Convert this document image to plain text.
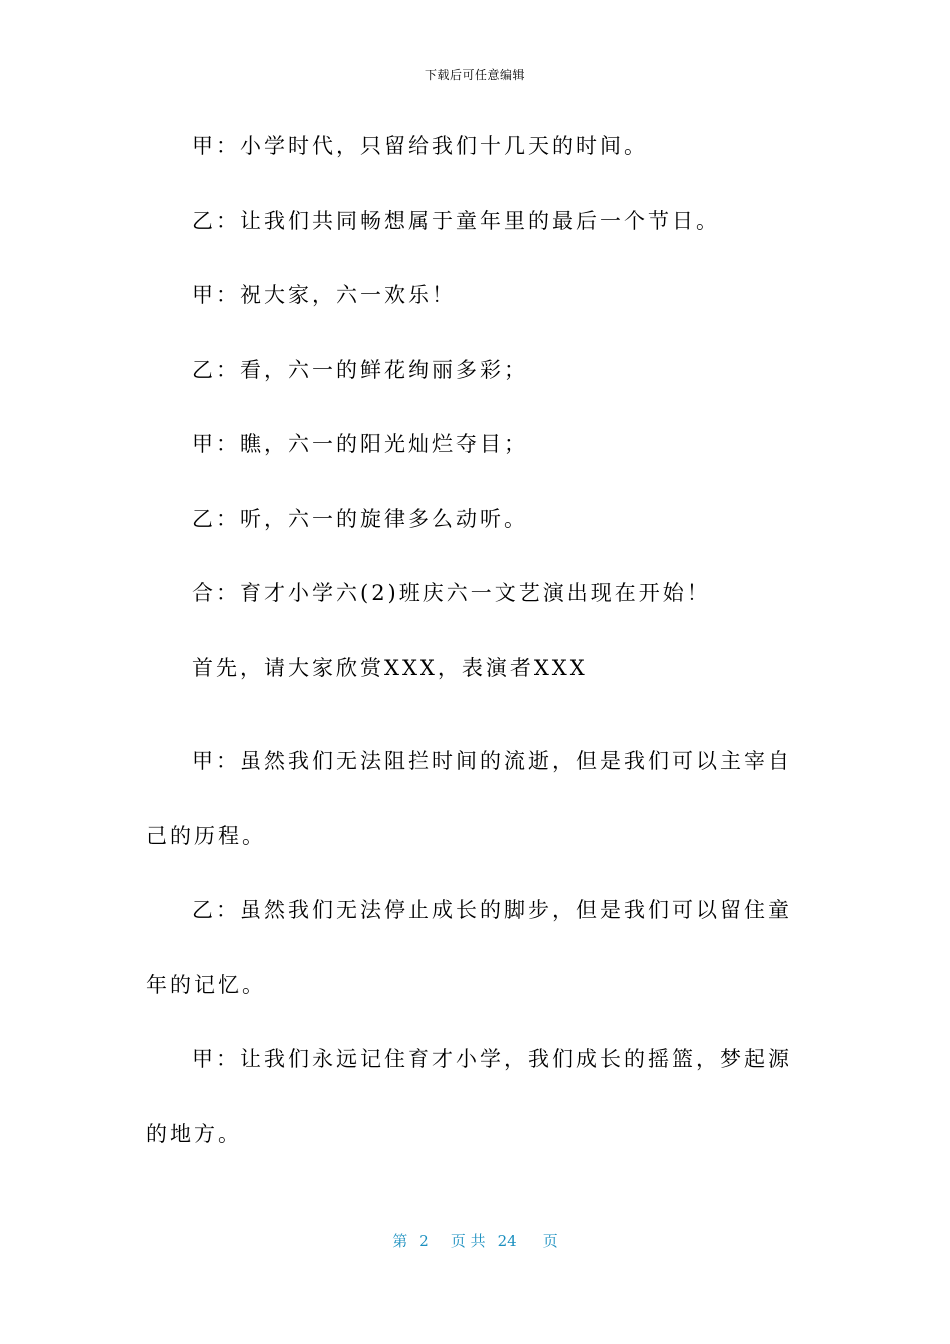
下载后可任意编辑

甲：小学时代，只留给我们十几天的时间。

乙：让我们共同畅想属于童年里的最后一个节日。

甲：祝大家，六一欢乐！

乙：看，六一的鲜花绚丽多彩；

甲：瞧，六一的阳光灿烂夺目；

乙：听，六一的旋律多么动听。

合：育才小学六(2)班庆六一文艺演出现在开始！

首先，请大家欣赏XXX，表演者XXX

甲：虽然我们无法阻拦时间的流逝，但是我们可以主宰自己的历程。

乙：虽然我们无法停止成长的脚步，但是我们可以留住童年的记忆。

甲：让我们永远记住育才小学，我们成长的摇篮，梦起源的地方。

第 2 页 共 24 页
